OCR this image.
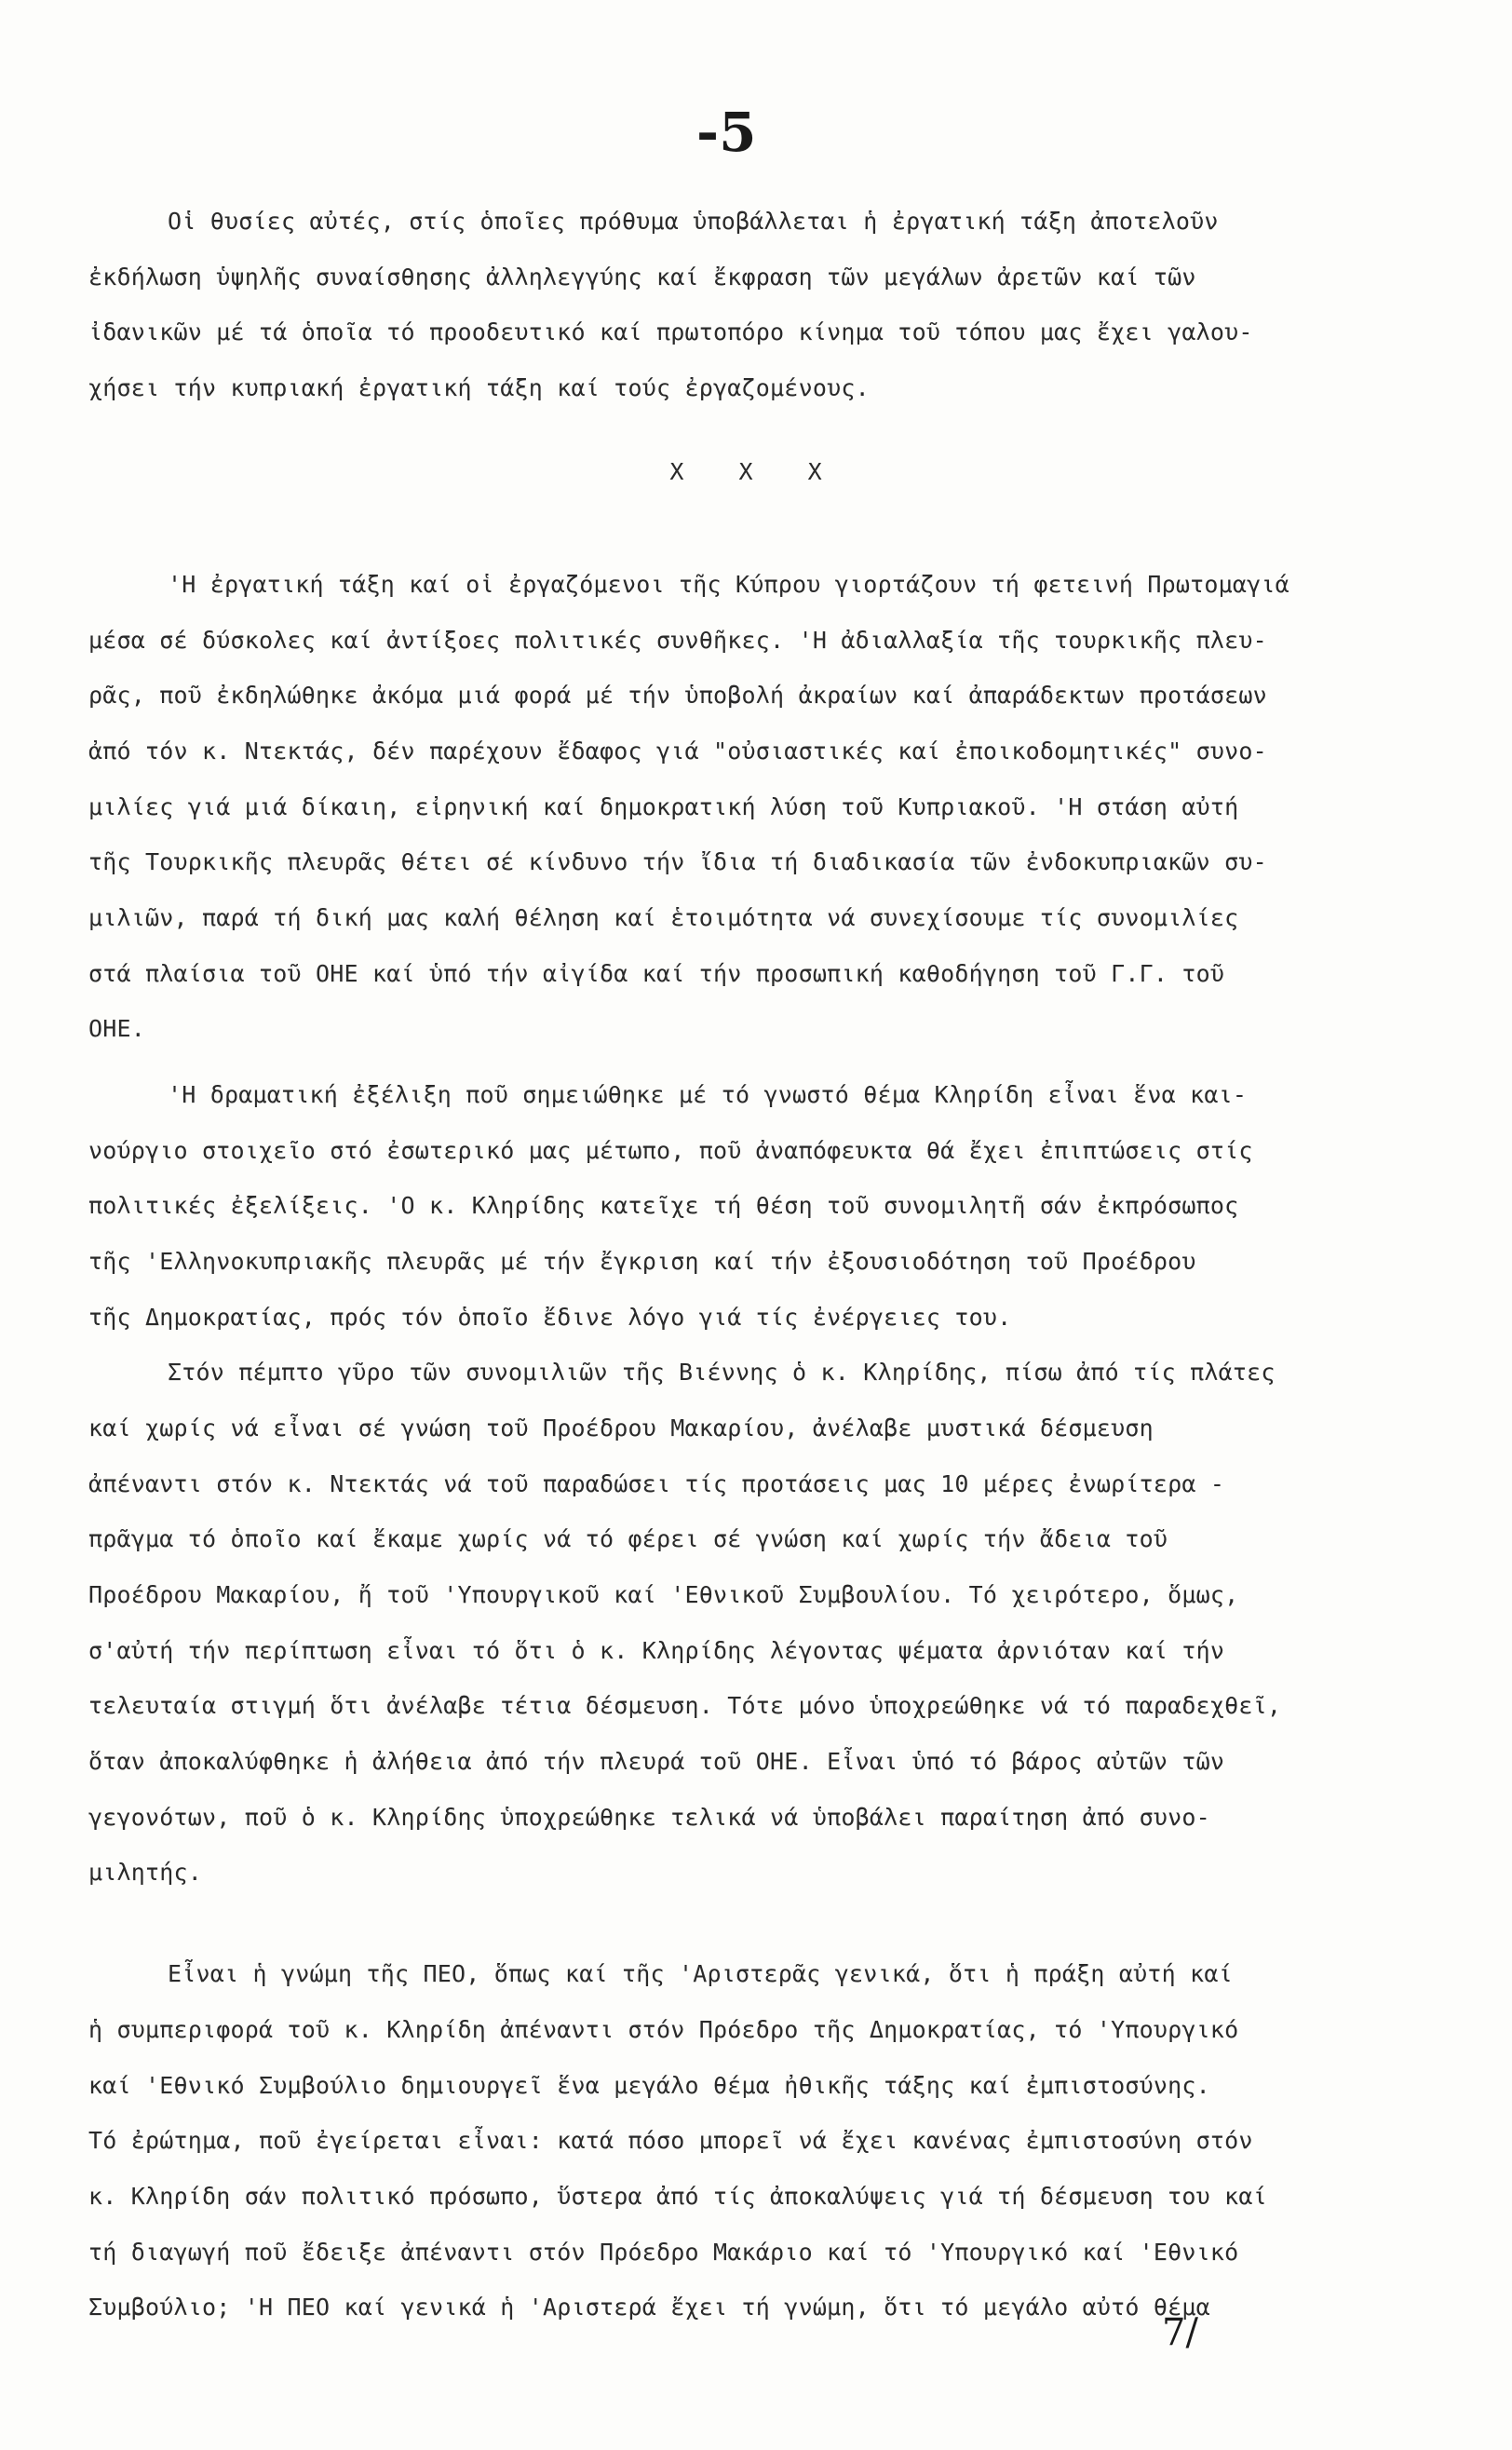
-5
Οἱ θυσίες αὐτές, στίς ὁποῖες πρόθυμα ὑποβάλλεται ἡ ἐργατική τάξη ἀποτελοῦν
ἐκδήλωση ὑψηλῆς συναίσθησης ἀλληλεγγύης καί ἔκφραση τῶν μεγάλων ἀρετῶν καί τῶν
ἰδανικῶν μέ τά ὁποῖα τό προοδευτικό καί πρωτοπόρο κίνημα τοῦ τόπου μας ἔχει γαλου-
χήσει τήν κυπριακή ἐργατική τάξη καί τούς ἐργαζομένους.
X X X
'Η ἐργατική τάξη καί οἱ ἐργαζόμενοι τῆς Κύπρου γιορτάζουν τή φετεινή Πρωτομαγιά
μέσα σέ δύσκολες καί ἀντίξοες πολιτικές συνθῆκες. 'Η ἀδιαλλαξία τῆς τουρκικῆς πλευ-
ρᾶς, ποῦ ἐκδηλώθηκε ἀκόμα μιά φορά μέ τήν ὑποβολή ἀκραίων καί ἀπαράδεκτων προτάσεων
ἀπό τόν κ. Ντεκτάς, δέν παρέχουν ἔδαφος γιά "οὐσιαστικές καί ἐποικοδομητικές" συνο-
μιλίες γιά μιά δίκαιη, εἰρηνική καί δημοκρατική λύση τοῦ Κυπριακοῦ. 'Η στάση αὐτή
τῆς Τουρκικῆς πλευρᾶς θέτει σέ κίνδυνο τήν ἴδια τή διαδικασία τῶν ἐνδοκυπριακῶν συ-
μιλιῶν, παρά τή δική μας καλή θέληση καί ἑτοιμότητα νά συνεχίσουμε τίς συνομιλίες
στά πλαίσια τοῦ ΟΗΕ καί ὑπό τήν αἰγίδα καί τήν προσωπική καθοδήγηση τοῦ Γ.Γ. τοῦ
ΟΗΕ.
'Η δραματική ἐξέλιξη ποῦ σημειώθηκε μέ τό γνωστό θέμα Κληρίδη εἶναι ἕνα και-
νούργιο στοιχεῖο στό ἐσωτερικό μας μέτωπο, ποῦ ἀναπόφευκτα θά ἔχει ἐπιπτώσεις στίς
πολιτικές ἐξελίξεις. 'Ο κ. Κληρίδης κατεῖχε τή θέση τοῦ συνομιλητῆ σάν ἐκπρόσωπος
τῆς 'Ελληνοκυπριακῆς πλευρᾶς μέ τήν ἔγκριση καί τήν ἐξουσιοδότηση τοῦ Προέδρου
τῆς Δημοκρατίας, πρός τόν ὁποῖο ἔδινε λόγο γιά τίς ἐνέργειες του.
Στόν πέμπτο γῦρο τῶν συνομιλιῶν τῆς Βιέννης ὁ κ. Κληρίδης, πίσω ἀπό τίς πλάτες
καί χωρίς νά εἶναι σέ γνώση τοῦ Προέδρου Μακαρίου, ἀνέλαβε μυστικά δέσμευση
ἀπέναντι στόν κ. Ντεκτάς νά τοῦ παραδώσει τίς προτάσεις μας 10 μέρες ἐνωρίτερα -
πρᾶγμα τό ὁποῖο καί ἔκαμε χωρίς νά τό φέρει σέ γνώση καί χωρίς τήν ἄδεια τοῦ
Προέδρου Μακαρίου, ἤ τοῦ 'Υπουργικοῦ καί 'Εθνικοῦ Συμβουλίου. Τό χειρότερο, ὅμως,
σ'αὐτή τήν περίπτωση εἶναι τό ὅτι ὁ κ. Κληρίδης λέγοντας ψέματα ἀρνιόταν καί τήν
τελευταία στιγμή ὅτι ἀνέλαβε τέτια δέσμευση. Τότε μόνο ὑποχρεώθηκε νά τό παραδεχθεῖ,
ὅταν ἀποκαλύφθηκε ἡ ἀλήθεια ἀπό τήν πλευρά τοῦ ΟΗΕ. Εἶναι ὑπό τό βάρος αὐτῶν τῶν
γεγονότων, ποῦ ὁ κ. Κληρίδης ὑποχρεώθηκε τελικά νά ὑποβάλει παραίτηση ἀπό συνο-
μιλητής.
Εἶναι ἡ γνώμη τῆς ΠΕΟ, ὅπως καί τῆς 'Αριστερᾶς γενικά, ὅτι ἡ πράξη αὐτή καί
ἡ συμπεριφορά τοῦ κ. Κληρίδη ἀπέναντι στόν Πρόεδρο τῆς Δημοκρατίας, τό 'Υπουργικό
καί 'Εθνικό Συμβούλιο δημιουργεῖ ἕνα μεγάλο θέμα ἠθικῆς τάξης καί ἐμπιστοσύνης.
Τό ἐρώτημα, ποῦ ἐγείρεται εἶναι: κατά πόσο μπορεῖ νά ἔχει κανένας ἐμπιστοσύνη στόν
κ. Κληρίδη σάν πολιτικό πρόσωπο, ὕστερα ἀπό τίς ἀποκαλύψεις γιά τή δέσμευση του καί
τή διαγωγή ποῦ ἔδειξε ἀπέναντι στόν Πρόεδρο Μακάριο καί τό 'Υπουργικό καί 'Εθνικό
Συμβούλιο; 'Η ΠΕΟ καί γενικά ἡ 'Αριστερά ἔχει τή γνώμη, ὅτι τό μεγάλο αὐτό θέμα
7/
